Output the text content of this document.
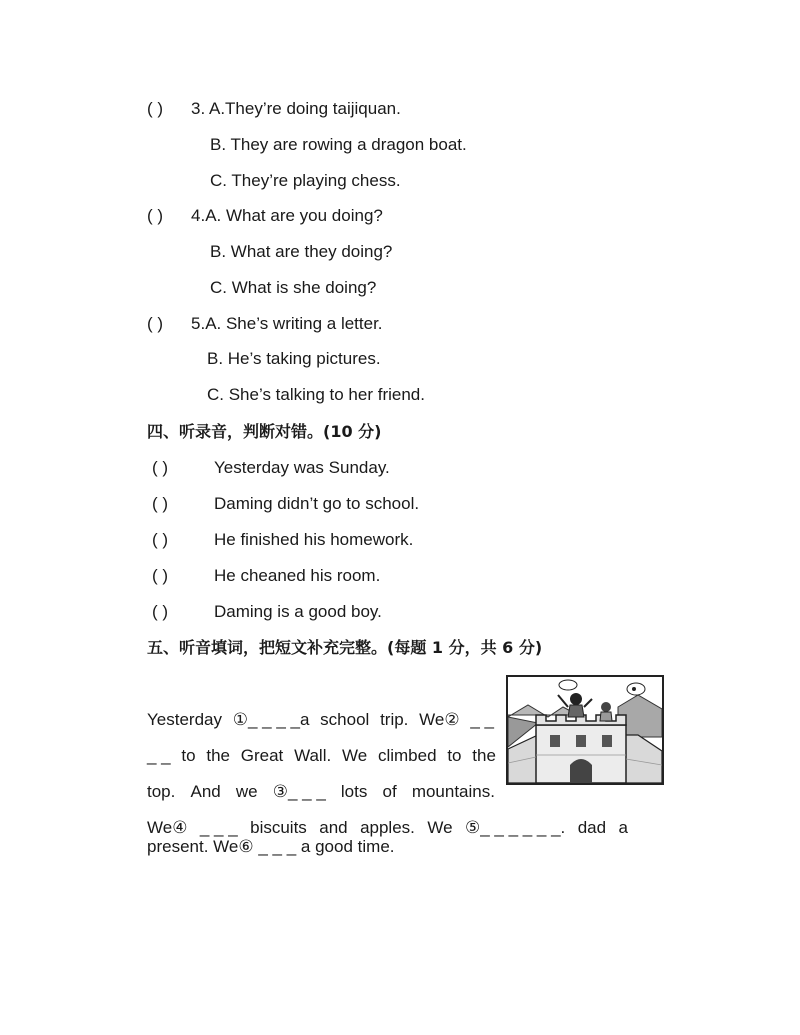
( ) 3. A.They’re doing taijiquan.
B. They are rowing a dragon boat.
C. They’re playing chess.
( ) 4.A. What are you doing?
B. What are they doing?
C. What is she doing?
( ) 5.A. She’s writing a letter.
B. He’s taking pictures.
C. She’s talking to her friend.
四、听录音，判断对错。(10 分)
( )	Yesterday was Sunday.
( )	Daming didn’t go to school.
( )	He finished his homework.
( )	He cheaned his room.
( )	Daming is a good boy.
五、听音填词，把短文补充完整。(每题 1 分，共 6 分)
Yesterday ①_ _ _ _a school trip. We② _ _
_ _ to the Great Wall. We climbed to the
top. And we ③_ _ _ lots of mountains.
We④ _ _ _ biscuits and apples. We ⑤_ _ _ _ _ _. dad a
present. We⑥ _ _ _ a good time.
